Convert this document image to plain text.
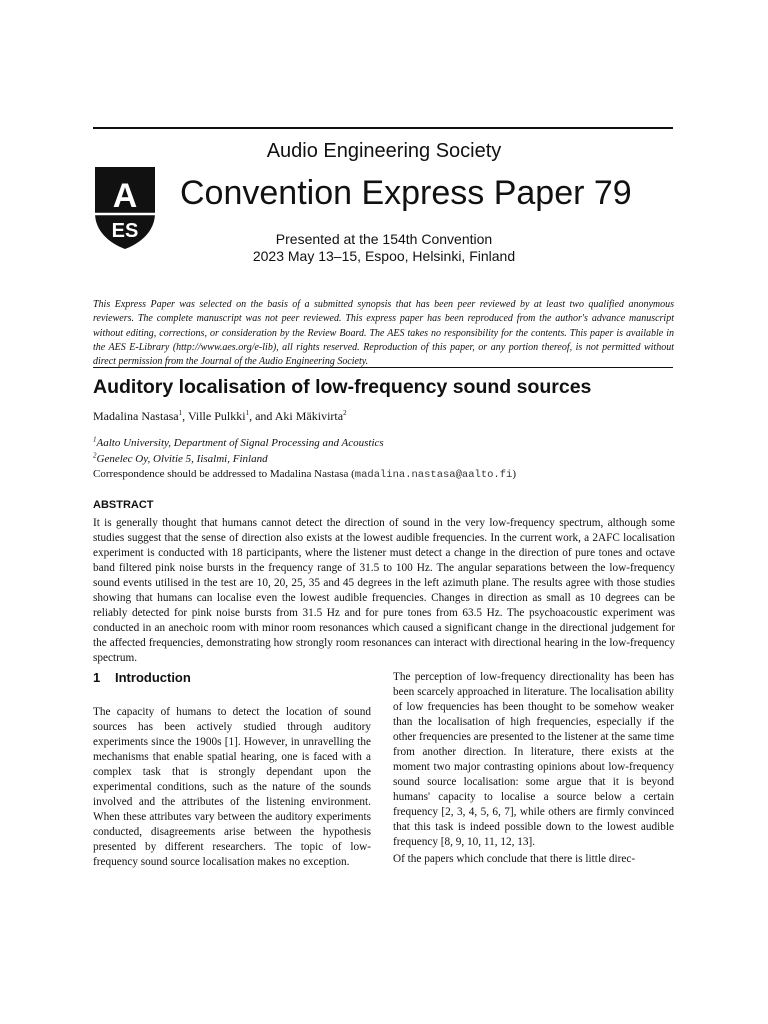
A
ES
Audio Engineering Society
Convention Express Paper 79
Presented at the 154th Convention
2023 May 13–15, Espoo, Helsinki, Finland
This Express Paper was selected on the basis of a submitted synopsis that has been peer reviewed by at least two qualified anonymous reviewers. The complete manuscript was not peer reviewed. This express paper has been reproduced from the author's advance manuscript without editing, corrections, or consideration by the Review Board. The AES takes no responsibility for the contents. This paper is available in the AES E-Library (http://www.aes.org/e-lib), all rights reserved. Reproduction of this paper, or any portion thereof, is not permitted without direct permission from the Journal of the Audio Engineering Society.
Auditory localisation of low-frequency sound sources
Madalina Nastasa$^1$, Ville Pulkki$^1$, and Aki Mäkivirta$^2$
$^1$Aalto University, Department of Signal Processing and Acoustics
$^2$Genelec Oy, Olvitie 5, Iisalmi, Finland
Correspondence should be addressed to Madalina Nastasa (madalina.nastasa@aalto.fi)
ABSTRACT
It is generally thought that humans cannot detect the direction of sound in the very low-frequency spectrum, although some studies suggest that the sense of direction also exists at the lowest audible frequencies. In the current work, a 2AFC localisation experiment is conducted with 18 participants, where the listener must detect a change in the direction of pure tones and octave band filtered pink noise bursts in the frequency range of 31.5 to 100 Hz. The angular separations between the low-frequency sound events utilised in the test are 10, 20, 25, 35 and 45 degrees in the left azimuth plane. The results agree with those studies showing that humans can localise even the lowest audible frequencies. Changes in direction as small as 10 degrees can be reliably detected for pink noise bursts from 31.5 Hz and for pure tones from 63.5 Hz. The psychoacoustic experiment was conducted in an anechoic room with minor room resonances which caused a significant change in the directional judgement for the affected frequencies, demonstrating how strongly room resonances can interact with directional hearing in the low-frequency spectrum.
1 Introduction
The capacity of humans to detect the location of sound sources has been actively studied through auditory experiments since the 1900s [1]. However, in unravelling the mechanisms that enable spatial hearing, one is faced with a complex task that is strongly dependant upon the experimental conditions, such as the nature of the sounds involved and the attributes of the listening environment. When these attributes vary between the auditory experiments conducted, disagreements arise between the hypothesis presented by different researchers. The topic of low-frequency sound source localisation makes no exception.

The perception of low-frequency directionality has been has been scarcely approached in literature. The localisation ability of low frequencies has been thought to be somehow weaker than the localisation of high frequencies, especially if the other frequencies are presented to the listener at the same time from another direction. In literature, there exists at the moment two major contrasting opinions about low-frequency sound source localisation: some argue that it is beyond humans' capacity to localise a source below a certain frequency [2, 3, 4, 5, 6, 7], while others are firmly convinced that this task is indeed possible down to the lowest audible frequency [8, 9, 10, 11, 12, 13].

Of the papers which conclude that there is little direc-
